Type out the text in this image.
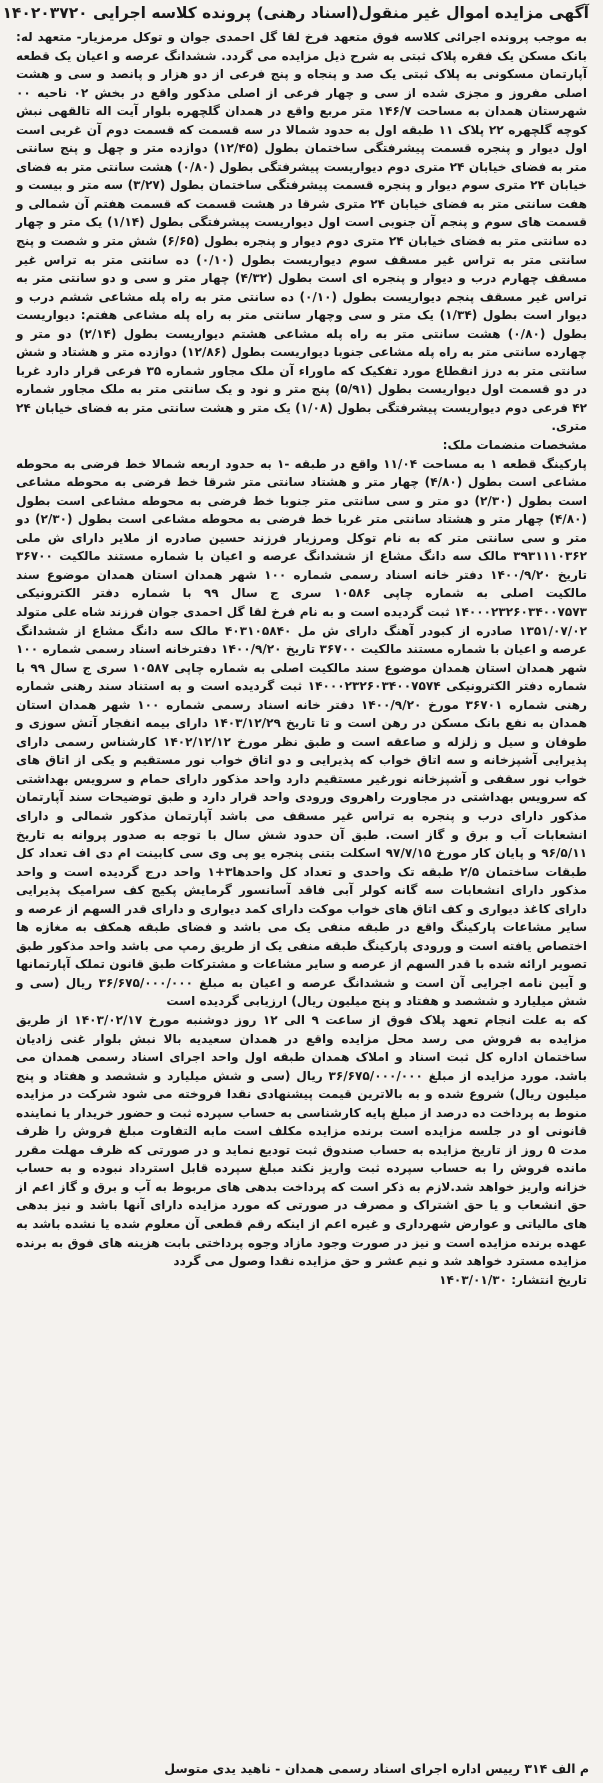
آگهی مزایده اموال غیر منقول(اسناد رهنی) پرونده کلاسه اجرایی ۱۴۰۲۰۳۷۲۰

به موجب پرونده اجرائی کلاسه فوق متعهد فرخ لقا گل احمدی جوان و توکل مرمزیار- متعهد له: بانک مسکن یک فقره پلاک ثبتی به شرح ذیل مزایده می گردد. ششدانگ عرصه و اعیان یک قطعه آپارتمان مسکونی به پلاک ثبتی یک صد و پنجاه و پنج فرعی از دو هزار و پانصد و سی و هشت اصلی مفروز و مجزی شده از سی و چهار فرعی از اصلی مذکور واقع در بخش ۰۲ ناحیه ۰۰ شهرستان همدان به مساحت ۱۴۶/۷ متر مربع واقع در همدان گلچهره بلوار آیت اله تالقهی نبش کوچه گلچهره ۲۲ پلاک ۱۱ طبقه اول به حدود شمالا در سه قسمت که قسمت دوم آن غربی است اول دیوار و پنجره قسمت پیشرفتگی ساختمان بطول (۱۲/۴۵) دوازده متر و چهل و پنج سانتی متر به فضای خیابان ۲۴ متری دوم دیواریست پیشرفتگی بطول (۰/۸۰) هشت سانتی متر به فضای خیابان ۲۴ متری سوم دیوار و پنجره قسمت پیشرفتگی ساختمان بطول (۳/۲۷) سه متر و بیست و هفت سانتی متر به فضای خیابان ۲۴ متری شرقا در هشت قسمت که قسمت هفتم آن شمالی و قسمت های سوم و پنجم آن جنوبی است اول دیواریست پیشرفتگی بطول (۱/۱۴) یک متر و چهار ده سانتی متر به فضای خیابان ۲۴ متری دوم دیوار و پنجره بطول (۶/۶۵) شش متر و شصت و پنج سانتی متر به تراس غیر مسقف سوم دیواریست بطول (۰/۱۰) ده سانتی متر به تراس غیر مسقف چهارم درب و دیوار و پنجره ای است بطول (۴/۳۲) چهار متر و سی و دو سانتی متر به تراس غیر مسقف پنجم دیواریست بطول (۰/۱۰) ده سانتی متر به راه پله مشاعی ششم درب و دیوار است بطول (۱/۳۴) یک متر و سی وچهار سانتی متر به راه پله مشاعی هفتم: دیواریست بطول (۰/۸۰) هشت سانتی متر به راه پله مشاعی هشتم دیواریست بطول (۲/۱۴) دو متر و چهارده سانتی متر به راه پله مشاعی جنوبا دیواریست بطول (۱۲/۸۶) دوازده متر و هشتاد و شش سانتی متر به درز انقطاع مورد تفکیک که ماوراء آن ملک مجاور شماره ۳۵ فرعی قرار دارد غربا در دو قسمت اول دیواریست بطول (۵/۹۱) پنج متر و نود و یک سانتی متر به ملک مجاور شماره ۴۲ فرعی دوم دیواریست پیشرفتگی بطول (۱/۰۸) یک متر و هشت سانتی متر به فضای خیابان ۲۴ متری.

مشخصات منضمات ملک:

پارکینگ قطعه ۱ به مساحت ۱۱/۰۴ واقع در طبقه -۱ به حدود اربعه شمالا خط فرضی به محوطه مشاعی است بطول (۴/۸۰) چهار متر و هشتاد سانتی متر شرقا خط فرضی به محوطه مشاعی است بطول (۲/۳۰) دو متر و سی سانتی متر جنوبا خط فرضی به محوطه مشاعی است بطول (۴/۸۰) چهار متر و هشتاد سانتی متر غربا خط فرضی به محوطه مشاعی است بطول (۲/۳۰) دو متر و سی سانتی متر که به نام توکل ومرزیار فرزند حسین صادره از ملایر دارای ش ملی ۳۹۳۱۱۱۰۳۶۲ مالک سه دانگ مشاع از ششدانگ عرصه و اعیان با شماره مستند مالکیت ۳۶۷۰۰ تاریخ ۱۴۰۰/۹/۲۰ دفتر خانه اسناد رسمی شماره ۱۰۰ شهر همدان استان همدان موضوع سند مالکیت اصلی به شماره چاپی ۱۰۵۸۶ سری ج سال ۹۹ با شماره دفتر الکترونیکی ۱۴۰۰۰۲۳۲۶۰۳۴۰۰۷۵۷۳ ثبت گردیده است و به نام فرخ لقا گل احمدی جوان فرزند شاه علی متولد ۱۳۵۱/۰۷/۰۲ صادره از کبودر آهنگ دارای ش مل ۴۰۳۱۰۵۸۴۰ مالک سه دانگ مشاع از ششدانگ عرصه و اعیان با شماره مستند مالکیت ۳۶۷۰۰ تاریخ ۱۴۰۰/۹/۲۰ دفترخانه اسناد رسمی شماره ۱۰۰ شهر همدان استان همدان موضوع سند مالکیت اصلی به شماره چاپی ۱۰۵۸۷ سری ج سال ۹۹ با شماره دفتر الکترونیکی ۱۴۰۰۰۲۳۲۶۰۳۴۰۰۷۵۷۴ ثبت گردیده است و به استناد سند رهنی شماره رهنی شماره ۳۶۷۰۱ مورخ ۱۴۰۰/۹/۲۰ دفتر خانه اسناد رسمی شماره ۱۰۰ شهر همدان استان همدان به نفع بانک مسکن در رهن است و تا تاریخ ۱۴۰۳/۱۲/۲۹ دارای بیمه انفجار آتش سوزی و طوفان و سیل و زلزله و صاعقه است و طبق نظر مورخ ۱۴۰۲/۱۲/۱۲ کارشناس رسمی دارای پذیرایی آشپزخانه و سه اتاق خواب که پذیرایی و دو اتاق خواب نور مستقیم و یکی از اتاق های خواب نور سقفی و آشپزخانه نورغیر مستقیم دارد واحد مذکور دارای حمام و سرویس بهداشتی که سرویس بهداشتی در مجاورت راهروی ورودی واحد قرار دارد و طبق توضیحات سند آپارتمان مذکور دارای درب و پنجره به تراس غیر مسقف می باشد آپارتمان مذکور شمالی و دارای انشعابات آب و برق و گاز است. طبق آن حدود شش سال با توجه به صدور پروانه به تاریخ ۹۶/۵/۱۱ و پایان کار مورخ ۹۷/۷/۱۵ اسکلت بتنی پنجره یو پی وی سی کابینت ام دی اف تعداد کل طبقات ساختمان ۲/۵ طبقه تک واحدی و تعداد کل واحدها۳+۱ واحد درج گردیده است و واحد مذکور دارای انشعابات سه گانه کولر آبی فاقد آسانسور گرمایش پکیج کف سرامیک پذیرایی دارای کاغذ دیواری و کف اتاق های خواب موکت دارای کمد دیواری و دارای قدر السهم از عرصه و سایر مشاعات پارکینگ واقع در طبقه منفی یک می باشد و فضای طبقه همکف به مغازه ها اختصاص یافته است و ورودی پارکینگ طبقه منفی یک از طریق رمپ می باشد واحد مذکور طبق تصویر ارائه شده با قدر السهم از عرصه و سایر مشاعات و مشترکات طبق قانون تملک آپارتمانها و آیین نامه اجرایی آن است و ششدانگ عرصه و اعیان به مبلغ ۳۶/۶۷۵/۰۰۰/۰۰۰ ریال (سی و شش میلیارد و ششصد و هفتاد و پنج میلیون ریال) ارزیابی گردیده است

که به علت انجام تعهد پلاک فوق از ساعت ۹ الی ۱۲ روز دوشنبه مورخ ۱۴۰۳/۰۲/۱۷ از طریق مزایده به فروش می رسد محل مزایده واقع در همدان سعیدیه بالا نبش بلوار غنی زادیان ساختمان اداره کل ثبت اسناد و املاک همدان طبقه اول واحد اجرای اسناد رسمی همدان می باشد. مورد مزایده از مبلغ ۳۶/۶۷۵/۰۰۰/۰۰۰ ریال (سی و شش میلیارد و ششصد و هفتاد و پنج میلیون ریال) شروع شده و به بالاترین قیمت پیشنهادی نقدا فروخته می شود شرکت در مزایده منوط به پرداخت ده درصد از مبلغ پایه کارشناسی به حساب سپرده ثبت و حضور خریدار یا نماینده قانونی او در جلسه مزایده است برنده مزایده مکلف است مابه التفاوت مبلغ فروش را ظرف مدت ۵ روز از تاریخ مزایده به حساب صندوق ثبت تودیع نماید و در صورتی که ظرف مهلت مقرر مانده فروش را به حساب سپرده ثبت واریز نکند مبلغ سپرده قابل استرداد نبوده و به حساب خزانه واریز خواهد شد.لازم به ذکر است که پرداخت بدهی های مربوط به آب و برق و گاز اعم از حق انشعاب و یا حق اشتراک و مصرف در صورتی که مورد مزایده دارای آنها باشد و نیز بدهی های مالیاتی و عوارض شهرداری و غیره اعم از اینکه رقم قطعی آن معلوم شده یا نشده باشد به عهده برنده مزایده است و نیز در صورت وجود مازاد وجوه پرداختی بابت هزینه های فوق به برنده مزایده مسترد خواهد شد و نیم عشر و حق مزایده نقدا وصول می گردد

تاریخ انتشار: ۱۴۰۳/۰۱/۳۰

م الف ۳۱۴ رییس اداره اجرای اسناد رسمی همدان - ناهید یدی متوسل
